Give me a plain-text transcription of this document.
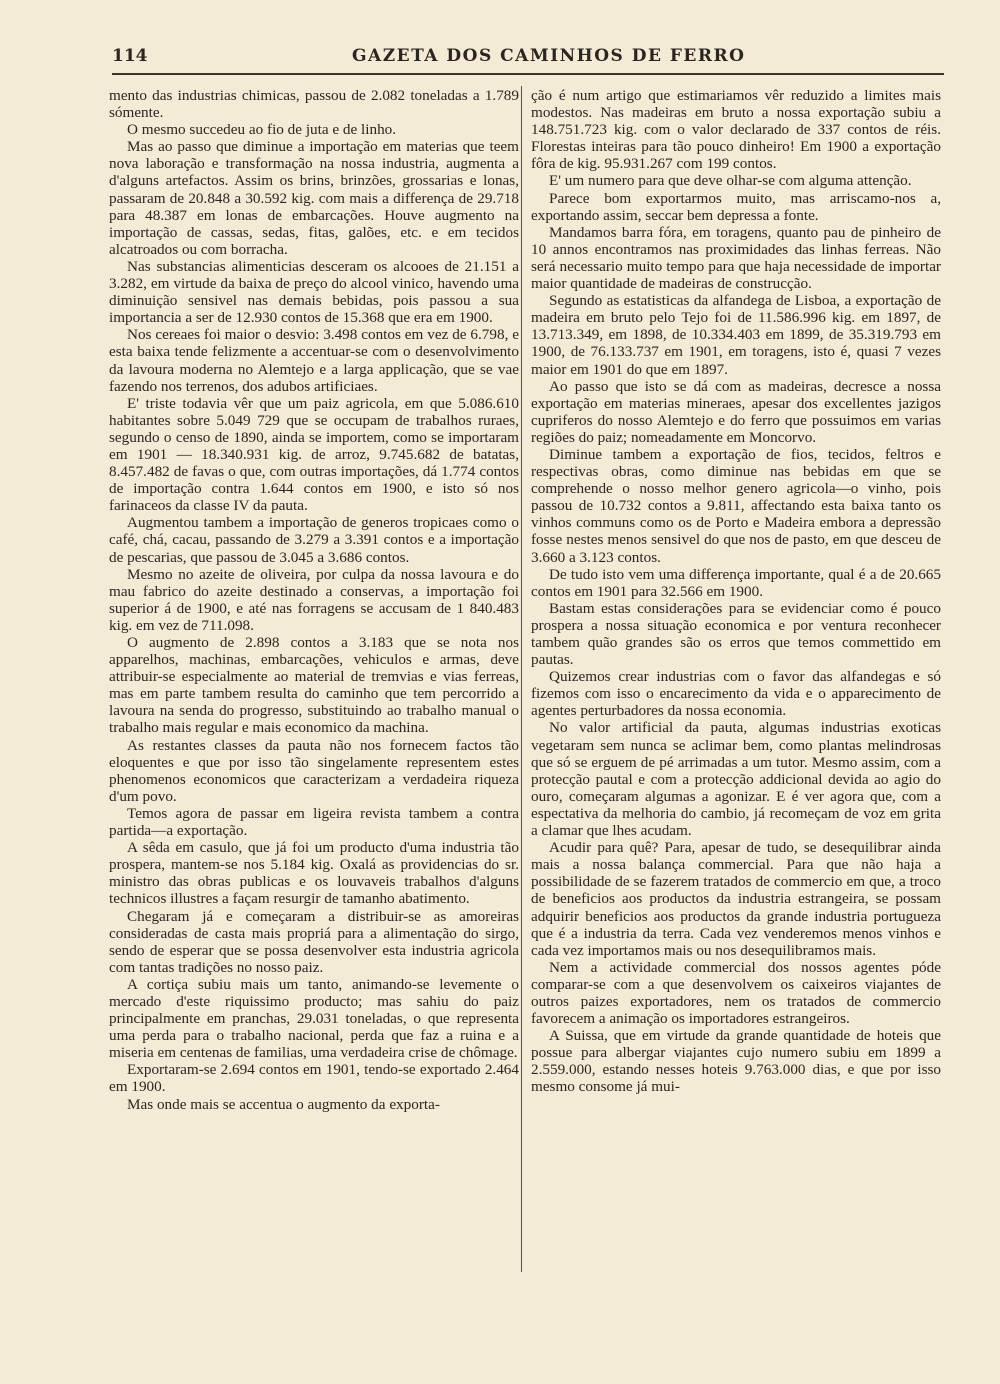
114	GAZETA DOS CAMINHOS DE FERRO

mento das industrias chimicas, passou de 2.082 toneladas a 1.789 sómente.

O mesmo succedeu ao fio de juta e de linho.

Mas ao passo que diminue a importação em materias que teem nova laboração e transformação na nossa industria, augmenta a d'alguns artefactos. Assim os brins, brinzões, grossarias e lonas, passaram de 20.848 a 30.592 kig. com mais a differença de 29.718 para 48.387 em lonas de embarcações. Houve augmento na importação de cassas, sedas, fitas, galões, etc. e em tecidos alcatroados ou com borracha.

Nas substancias alimenticias desceram os alcooes de 21.151 a 3.282, em virtude da baixa de preço do alcool vinico, havendo uma diminuição sensivel nas demais bebidas, pois passou a sua importancia a ser de 12.930 contos de 15.368 que era em 1900.

Nos cereaes foi maior o desvio: 3.498 contos em vez de 6.798, e esta baixa tende felizmente a accentuar-se com o desenvolvimento da lavoura moderna no Alemtejo e a larga applicação, que se vae fazendo nos terrenos, dos adubos artificiaes.

E' triste todavia vêr que um paiz agricola, em que 5.086.610 habitantes sobre 5.049 729 que se occupam de trabalhos ruraes, segundo o censo de 1890, ainda se importem, como se importaram em 1901 — 18.340.931 kig. de arroz, 9.745.682 de batatas, 8.457.482 de favas o que, com outras importações, dá 1.774 contos de importação contra 1.644 contos em 1900, e isto só nos farinaceos da classe IV da pauta.

Augmentou tambem a importação de generos tropicaes como o café, chá, cacau, passando de 3.279 a 3.391 contos e a importação de pescarias, que passou de 3.045 a 3.686 contos.

Mesmo no azeite de oliveira, por culpa da nossa lavoura e do mau fabrico do azeite destinado a conservas, a importação foi superior á de 1900, e até nas forragens se accusam de 1 840.483 kig. em vez de 711.098.

O augmento de 2.898 contos a 3.183 que se nota nos apparelhos, machinas, embarcações, vehiculos e armas, deve attribuir-se especialmente ao material de tremvias e vias ferreas, mas em parte tambem resulta do caminho que tem percorrido a lavoura na senda do progresso, substituindo ao trabalho manual o trabalho mais regular e mais economico da machina.

As restantes classes da pauta não nos fornecem factos tão eloquentes e que por isso tão singelamente representem estes phenomenos economicos que caracterizam a verdadeira riqueza d'um povo.

Temos agora de passar em ligeira revista tambem a contra partida—a exportação.

A sêda em casulo, que já foi um producto d'uma industria tão prospera, mantem-se nos 5.184 kig. Oxalá as providencias do sr. ministro das obras publicas e os louvaveis trabalhos d'alguns technicos illustres a façam resurgir de tamanho abatimento.

Chegaram já e começaram a distribuir-se as amoreiras consideradas de casta mais propriá para a alimentação do sirgo, sendo de esperar que se possa desenvolver esta industria agricola com tantas tradições no nosso paiz.

A cortiça subiu mais um tanto, animando-se levemente o mercado d'este riquissimo producto; mas sahiu do paiz principalmente em pranchas, 29.031 toneladas, o que representa uma perda para o trabalho nacional, perda que faz a ruina e a miseria em centenas de familias, uma verdadeira crise de chômage.

Exportaram-se 2.694 contos em 1901, tendo-se exportado 2.464 em 1900.

Mas onde mais se accentua o augmento da exporta-

ção é num artigo que estimariamos vêr reduzido a limites mais modestos. Nas madeiras em bruto a nossa exportação subiu a 148.751.723 kig. com o valor declarado de 337 contos de réis. Florestas inteiras para tão pouco dinheiro! Em 1900 a exportação fôra de kig. 95.931.267 com 199 contos.

E' um numero para que deve olhar-se com alguma attenção.

Parece bom exportarmos muito, mas arriscamo-nos a, exportando assim, seccar bem depressa a fonte.

Mandamos barra fóra, em toragens, quanto pau de pinheiro de 10 annos encontramos nas proximidades das linhas ferreas. Não será necessario muito tempo para que haja necessidade de importar maior quantidade de madeiras de construcção.

Segundo as estatisticas da alfandega de Lisboa, a exportação de madeira em bruto pelo Tejo foi de 11.586.996 kig. em 1897, de 13.713.349, em 1898, de 10.334.403 em 1899, de 35.319.793 em 1900, de 76.133.737 em 1901, em toragens, isto é, quasi 7 vezes maior em 1901 do que em 1897.

Ao passo que isto se dá com as madeiras, decresce a nossa exportação em materias mineraes, apesar dos excellentes jazigos cupriferos do nosso Alemtejo e do ferro que possuimos em varias regiões do paiz; nomeadamente em Moncorvo.

Diminue tambem a exportação de fios, tecidos, feltros e respectivas obras, como diminue nas bebidas em que se comprehende o nosso melhor genero agricola—o vinho, pois passou de 10.732 contos a 9.811, affectando esta baixa tanto os vinhos communs como os de Porto e Madeira embora a depressão fosse nestes menos sensivel do que nos de pasto, em que desceu de 3.660 a 3.123 contos.

De tudo isto vem uma differença importante, qual é a de 20.665 contos em 1901 para 32.566 em 1900.

Bastam estas considerações para se evidenciar como é pouco prospera a nossa situação economica e por ventura reconhecer tambem quão grandes são os erros que temos commettido em pautas.

Quizemos crear industrias com o favor das alfandegas e só fizemos com isso o encarecimento da vida e o apparecimento de agentes perturbadores da nossa economia.

No valor artificial da pauta, algumas industrias exoticas vegetaram sem nunca se aclimar bem, como plantas melindrosas que só se erguem de pé arrimadas a um tutor. Mesmo assim, com a protecção pautal e com a protecção addicional devida ao agio do ouro, começaram algumas a agonizar. E é ver agora que, com a espectativa da melhoria do cambio, já recomeçam de voz em grita a clamar que lhes acudam.

Acudir para quê? Para, apesar de tudo, se desequilibrar ainda mais a nossa balança commercial. Para que não haja a possibilidade de se fazerem tratados de commercio em que, a troco de beneficios aos productos da industria estrangeira, se possam adquirir beneficios aos productos da grande industria portugueza que é a industria da terra. Cada vez venderemos menos vinhos e cada vez importamos mais ou nos desequilibramos mais.

Nem a actividade commercial dos nossos agentes póde comparar-se com a que desenvolvem os caixeiros viajantes de outros paizes exportadores, nem os tratados de commercio favorecem a animação os importadores estrangeiros.

A Suissa, que em virtude da grande quantidade de hoteis que possue para albergar viajantes cujo numero subiu em 1899 a 2.559.000, estando nesses hoteis 9.763.000 dias, e que por isso mesmo consome já mui-
